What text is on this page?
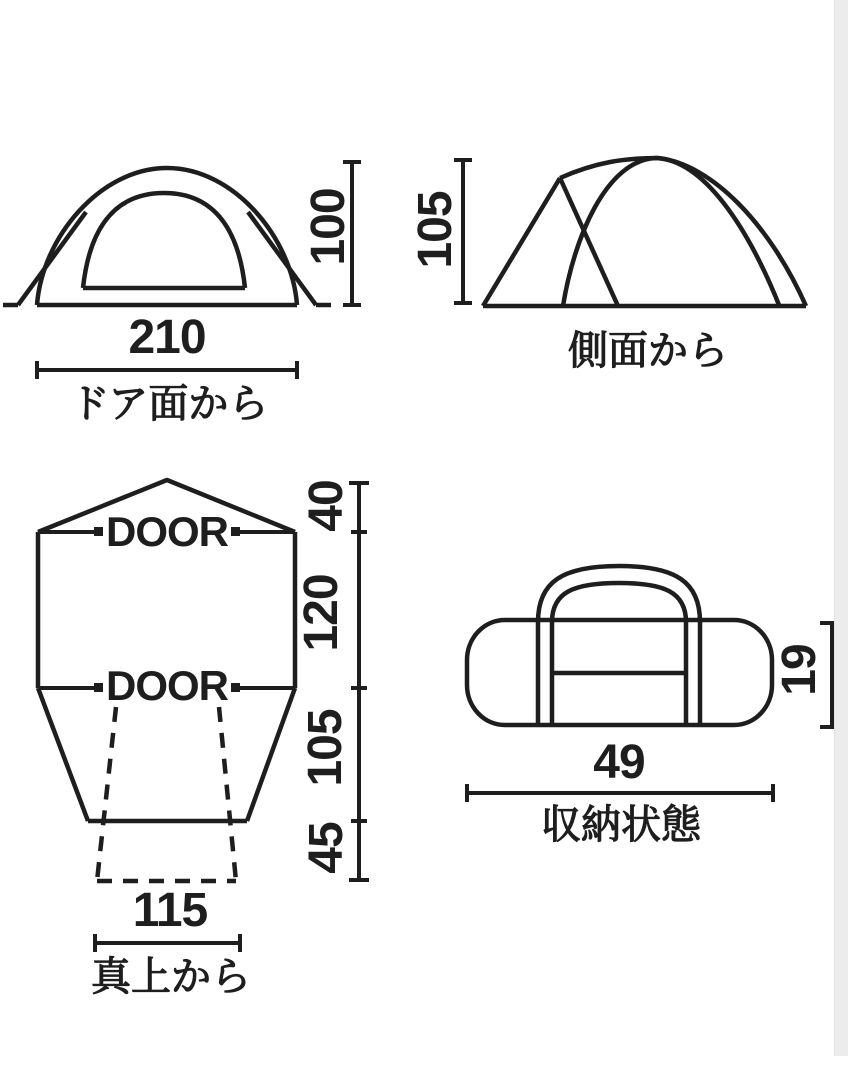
100
210
ドア面から
105
側面から
DOOR
DOOR
40
120
105
45
115
真上から
19
49
収納状態
